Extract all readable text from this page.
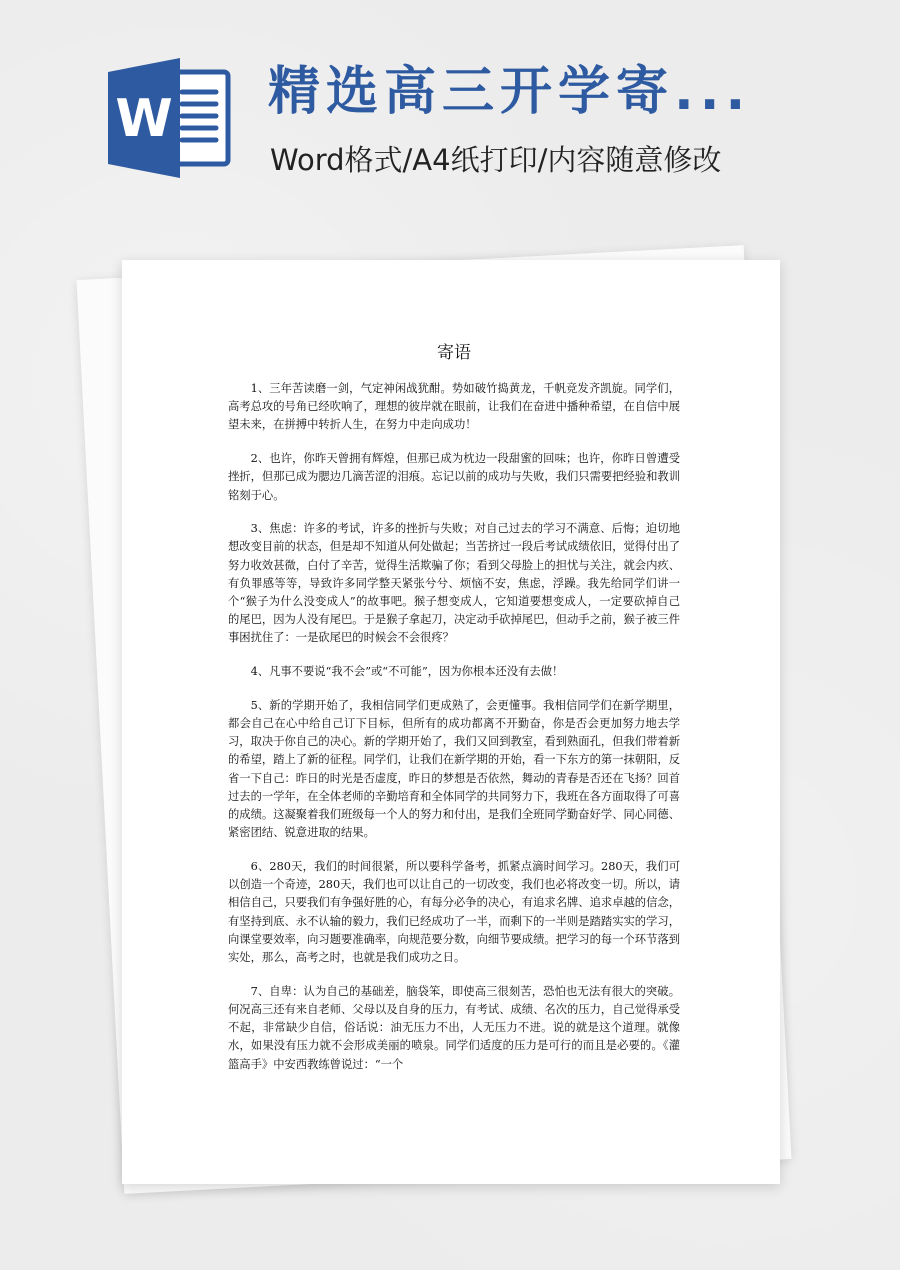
W 精选高三开学寄...
Word格式/A4纸打印/内容随意修改
寄语

1、三年苦读磨一剑，气定神闲战犹酣。势如破竹捣黄龙，千帆竞发齐凯旋。同学们，高考总攻的号角已经吹响了，理想的彼岸就在眼前，让我们在奋进中播种希望，在自信中展望未来，在拼搏中转折人生，在努力中走向成功！

2、也许，你昨天曾拥有辉煌，但那已成为枕边一段甜蜜的回味；也许，你昨日曾遭受挫折，但那已成为腮边几滴苦涩的泪痕。忘记以前的成功与失败，我们只需要把经验和教训铭刻于心。

3、焦虑：许多的考试，许多的挫折与失败；对自己过去的学习不满意、后悔；迫切地想改变目前的状态，但是却不知道从何处做起；当苦挤过一段后考试成绩依旧，觉得付出了努力收效甚微，白付了辛苦，觉得生活欺骗了你；看到父母脸上的担忧与关注，就会内疚、有负罪感等等，导致许多同学整天紧张兮兮、烦恼不安，焦虑，浮躁。我先给同学们讲一个“猴子为什么没变成人”的故事吧。猴子想变成人，它知道要想变成人，一定要砍掉自己的尾巴，因为人没有尾巴。于是猴子拿起刀，决定动手砍掉尾巴，但动手之前，猴子被三件事困扰住了：一是砍尾巴的时候会不会很疼？

4、凡事不要说“我不会”或“不可能”，因为你根本还没有去做！

5、新的学期开始了，我相信同学们更成熟了，会更懂事。我相信同学们在新学期里，都会自己在心中给自己订下目标，但所有的成功都离不开勤奋，你是否会更加努力地去学习，取决于你自己的决心。新的学期开始了，我们又回到教室，看到熟面孔，但我们带着新的希望，踏上了新的征程。同学们，让我们在新学期的开始，看一下东方的第一抹朝阳，反省一下自己：昨日的时光是否虚度，昨日的梦想是否依然，舞动的青春是否还在飞扬？回首过去的一学年，在全体老师的辛勤培育和全体同学的共同努力下，我班在各方面取得了可喜的成绩。这凝聚着我们班级每一个人的努力和付出，是我们全班同学勤奋好学、同心同德、紧密团结、锐意进取的结果。

6、280天，我们的时间很紧，所以要科学备考，抓紧点滴时间学习。280天，我们可以创造一个奇迹，280天，我们也可以让自己的一切改变，我们也必将改变一切。所以，请相信自己，只要我们有争强好胜的心，有每分必争的决心，有追求名牌、追求卓越的信念，有坚持到底、永不认输的毅力，我们已经成功了一半，而剩下的一半则是踏踏实实的学习，向课堂要效率，向习题要准确率，向规范要分数，向细节要成绩。把学习的每一个环节落到实处，那么，高考之时，也就是我们成功之日。

7、自卑：认为自己的基础差，脑袋笨，即使高三很刻苦，恐怕也无法有很大的突破。何况高三还有来自老师、父母以及自身的压力，有考试、成绩、名次的压力，自己觉得承受不起，非常缺少自信，俗话说：油无压力不出，人无压力不进。说的就是这个道理。就像水，如果没有压力就不会形成美丽的喷泉。同学们适度的压力是可行的而且是必要的。《灌篮高手》中安西教练曾说过：“一个
